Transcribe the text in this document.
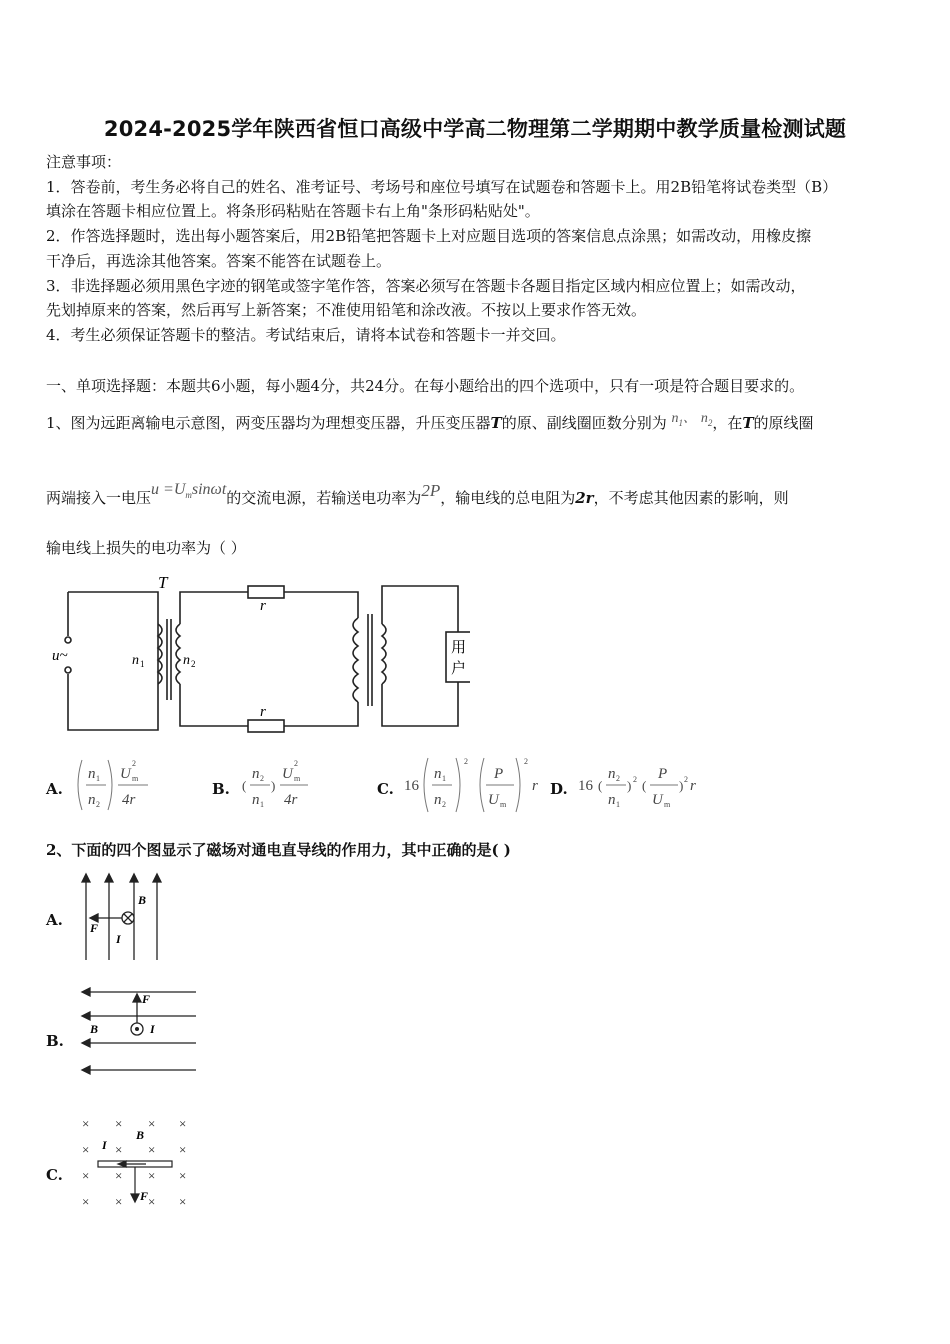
2024-2025学年陕西省恒口高级中学高二物理第二学期期中教学质量检测试题
注意事项：
1．答卷前，考生务必将自己的姓名、准考证号、考场号和座位号填写在试题卷和答题卡上。用2B铅笔将试卷类型（B）
填涂在答题卡相应位置上。将条形码粘贴在答题卡右上角"条形码粘贴处"。
2．作答选择题时，选出每小题答案后，用2B铅笔把答题卡上对应题目选项的答案信息点涂黑；如需改动，用橡皮擦
干净后，再选涂其他答案。答案不能答在试题卷上。
3．非选择题必须用黑色字迹的钢笔或签字笔作答，答案必须写在答题卡各题目指定区域内相应位置上；如需改动，
先划掉原来的答案，然后再写上新答案；不准使用铅笔和涂改液。不按以上要求作答无效。
4．考生必须保证答题卡的整洁。考试结束后，请将本试卷和答题卡一并交回。
一、单项选择题：本题共6小题，每小题4分，共24分。在每小题给出的四个选项中，只有一项是符合题目要求的。
1、图为远距离输电示意图，两变压器均为理想变压器，升压变压器T的原、副线圈匝数分别为 $n_1$、 $n_2$，在T的原线圈
两端接入一电压$u =U_m\sin\omega t$的交流电源，若输送电功率为2P，输电线的总电阻为2r，不考虑其他因素的影响，则
输电线上损失的电功率为（ ）
T
u~	n 1	n 2
r
r
用
户
A.
n
n
U
4r
1
2
2
m
B.
n
n
U
4r
2
1
2
m
( )	C. 16
n
n
P
U
r
1
2
2	2
m
D. 16
n
n
P
U
r
2
1
2	2
m
( ) (	)
2、下面的四个图显示了磁场对通电直导线的作用力，其中正确的是( )
A.
B
F
I
B.
F
B	I
C.
× × × ×
× × × ×
× × × ×
× × × ×
B
I
F
